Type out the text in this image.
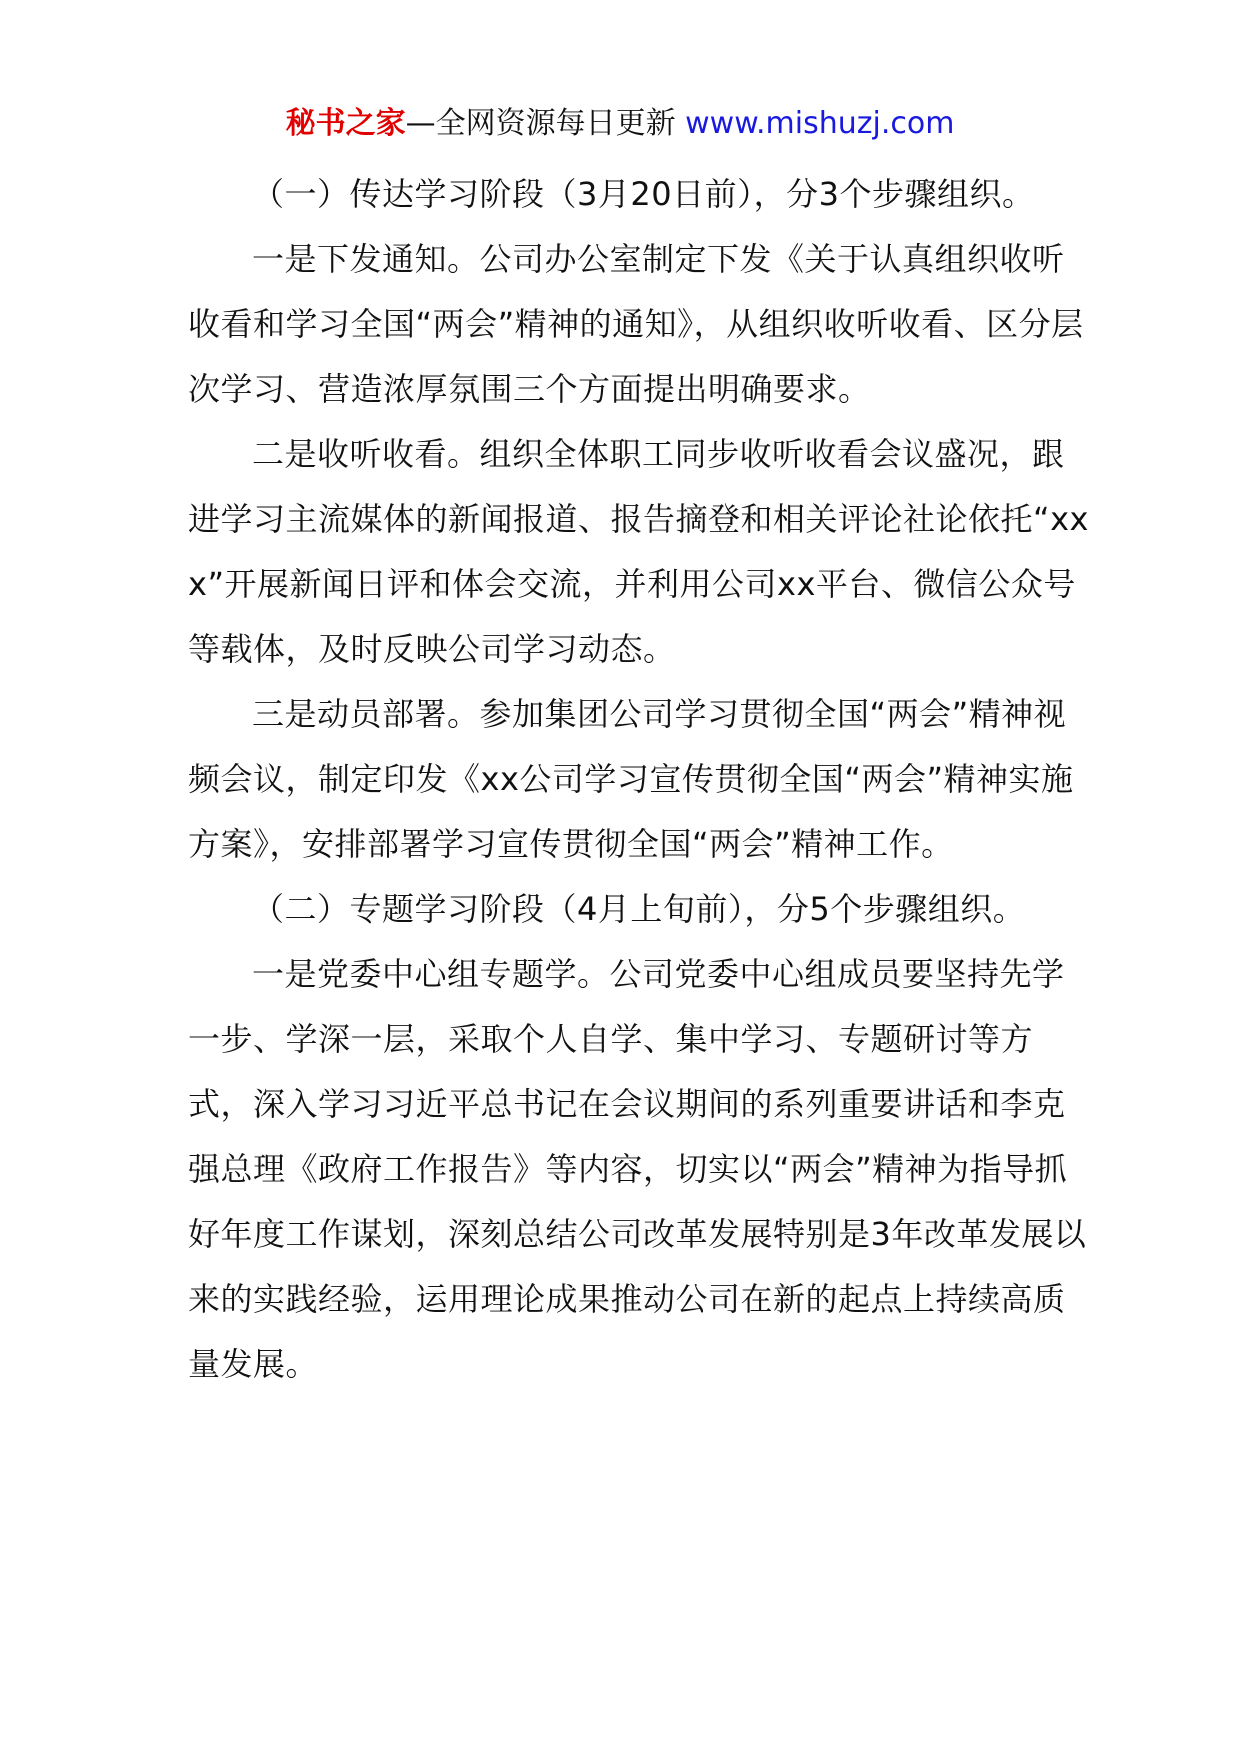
秘书之家—全网资源每日更新 www.mishuzj.com

（一）传达学习阶段（3月20日前），分3个步骤组织。

一是下发通知。公司办公室制定下发《关于认真组织收听收看和学习全国“两会”精神的通知》，从组织收听收看、区分层次学习、营造浓厚氛围三个方面提出明确要求。

二是收听收看。组织全体职工同步收听收看会议盛况，跟进学习主流媒体的新闻报道、报告摘登和相关评论社论依托“xxx”开展新闻日评和体会交流，并利用公司xx平台、微信公众号等载体，及时反映公司学习动态。

三是动员部署。参加集团公司学习贯彻全国“两会”精神视频会议，制定印发《xx公司学习宣传贯彻全国“两会”精神实施方案》，安排部署学习宣传贯彻全国“两会”精神工作。

（二）专题学习阶段（4月上旬前），分5个步骤组织。

一是党委中心组专题学。公司党委中心组成员要坚持先学一步、学深一层，采取个人自学、集中学习、专题研讨等方式，深入学习习近平总书记在会议期间的系列重要讲话和李克强总理《政府工作报告》等内容，切实以“两会”精神为指导抓好年度工作谋划，深刻总结公司改革发展特别是3年改革发展以来的实践经验，运用理论成果推动公司在新的起点上持续高质量发展。
